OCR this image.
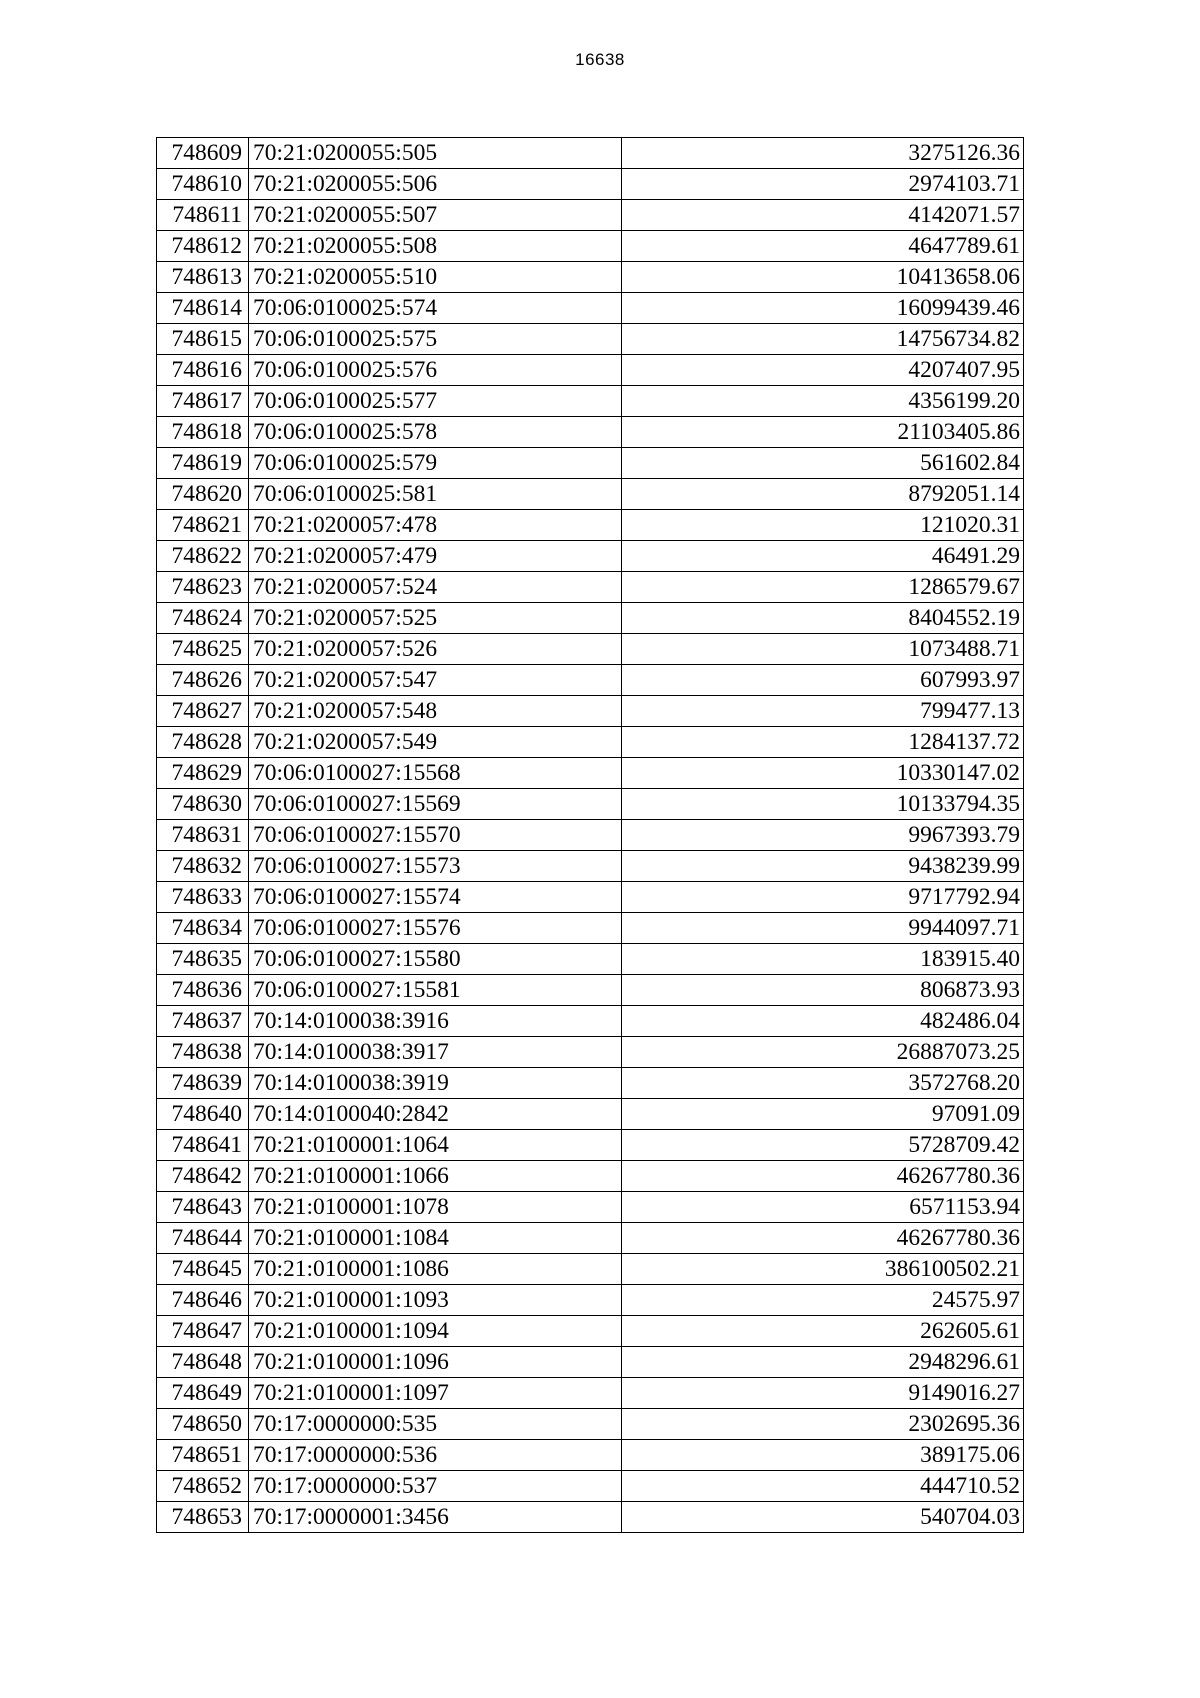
16638
748609	70:21:0200055:505	3275126.36
748610	70:21:0200055:506	2974103.71
748611	70:21:0200055:507	4142071.57
748612	70:21:0200055:508	4647789.61
748613	70:21:0200055:510	10413658.06
748614	70:06:0100025:574	16099439.46
748615	70:06:0100025:575	14756734.82
748616	70:06:0100025:576	4207407.95
748617	70:06:0100025:577	4356199.20
748618	70:06:0100025:578	21103405.86
748619	70:06:0100025:579	561602.84
748620	70:06:0100025:581	8792051.14
748621	70:21:0200057:478	121020.31
748622	70:21:0200057:479	46491.29
748623	70:21:0200057:524	1286579.67
748624	70:21:0200057:525	8404552.19
748625	70:21:0200057:526	1073488.71
748626	70:21:0200057:547	607993.97
748627	70:21:0200057:548	799477.13
748628	70:21:0200057:549	1284137.72
748629	70:06:0100027:15568	10330147.02
748630	70:06:0100027:15569	10133794.35
748631	70:06:0100027:15570	9967393.79
748632	70:06:0100027:15573	9438239.99
748633	70:06:0100027:15574	9717792.94
748634	70:06:0100027:15576	9944097.71
748635	70:06:0100027:15580	183915.40
748636	70:06:0100027:15581	806873.93
748637	70:14:0100038:3916	482486.04
748638	70:14:0100038:3917	26887073.25
748639	70:14:0100038:3919	3572768.20
748640	70:14:0100040:2842	97091.09
748641	70:21:0100001:1064	5728709.42
748642	70:21:0100001:1066	46267780.36
748643	70:21:0100001:1078	6571153.94
748644	70:21:0100001:1084	46267780.36
748645	70:21:0100001:1086	386100502.21
748646	70:21:0100001:1093	24575.97
748647	70:21:0100001:1094	262605.61
748648	70:21:0100001:1096	2948296.61
748649	70:21:0100001:1097	9149016.27
748650	70:17:0000000:535	2302695.36
748651	70:17:0000000:536	389175.06
748652	70:17:0000000:537	444710.52
748653	70:17:0000001:3456	540704.03
